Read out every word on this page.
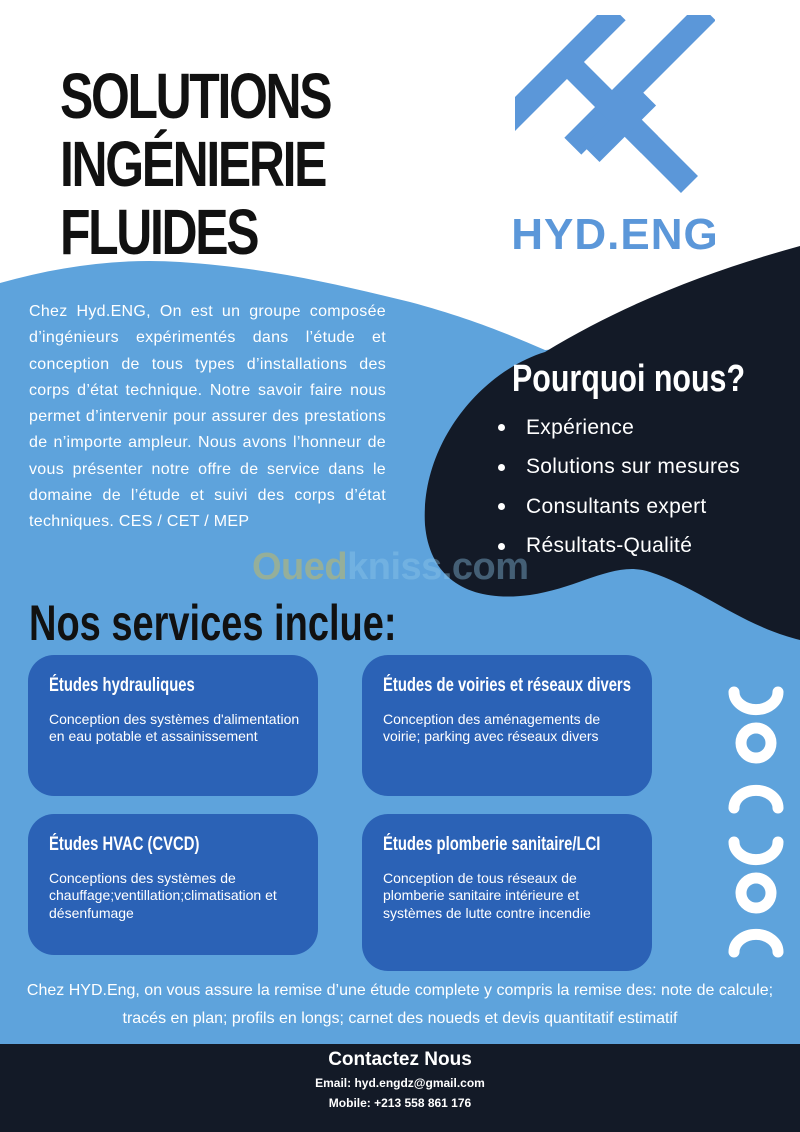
SOLUTIONS
INGÉNIERIE
FLUIDES	HYD.ENG

Chez Hyd.ENG, On est un groupe composée d’ingénieurs expérimentés dans l’étude et conception de tous types d’installations des corps d’état technique. Notre savoir faire nous permet d’intervenir pour assurer des prestations de n’importe ampleur. Nous avons l’honneur de vous présenter notre offre de service dans le domaine de l’étude et suivi des corps d’état techniques. CES / CET / MEP

Pourquoi nous?
Expérience
Solutions sur mesures
Consultants expert
Résultats-Qualité
Ouedkniss.com
Nos services inclue:
Études hydrauliques

Conception des systèmes d'alimentation en eau potable et assainissement

Études de voiries et réseaux divers

Conception des aménagements de voirie; parking avec réseaux divers

Études HVAC (CVCD)

Conceptions des systèmes de chauffage;ventillation;climatisation et désenfumage

Études plomberie sanitaire/LCI

Conception de tous réseaux de plomberie sanitaire intérieure et systèmes de lutte contre incendie

Chez HYD.Eng, on vous assure la remise d’une étude complete y compris la remise des: note de calcule; tracés en plan; profils en longs; carnet des noueds et devis quantitatif estimatif

Contactez Nous
Email: hyd.engdz@gmail.com
Mobile: +213 558 861 176
